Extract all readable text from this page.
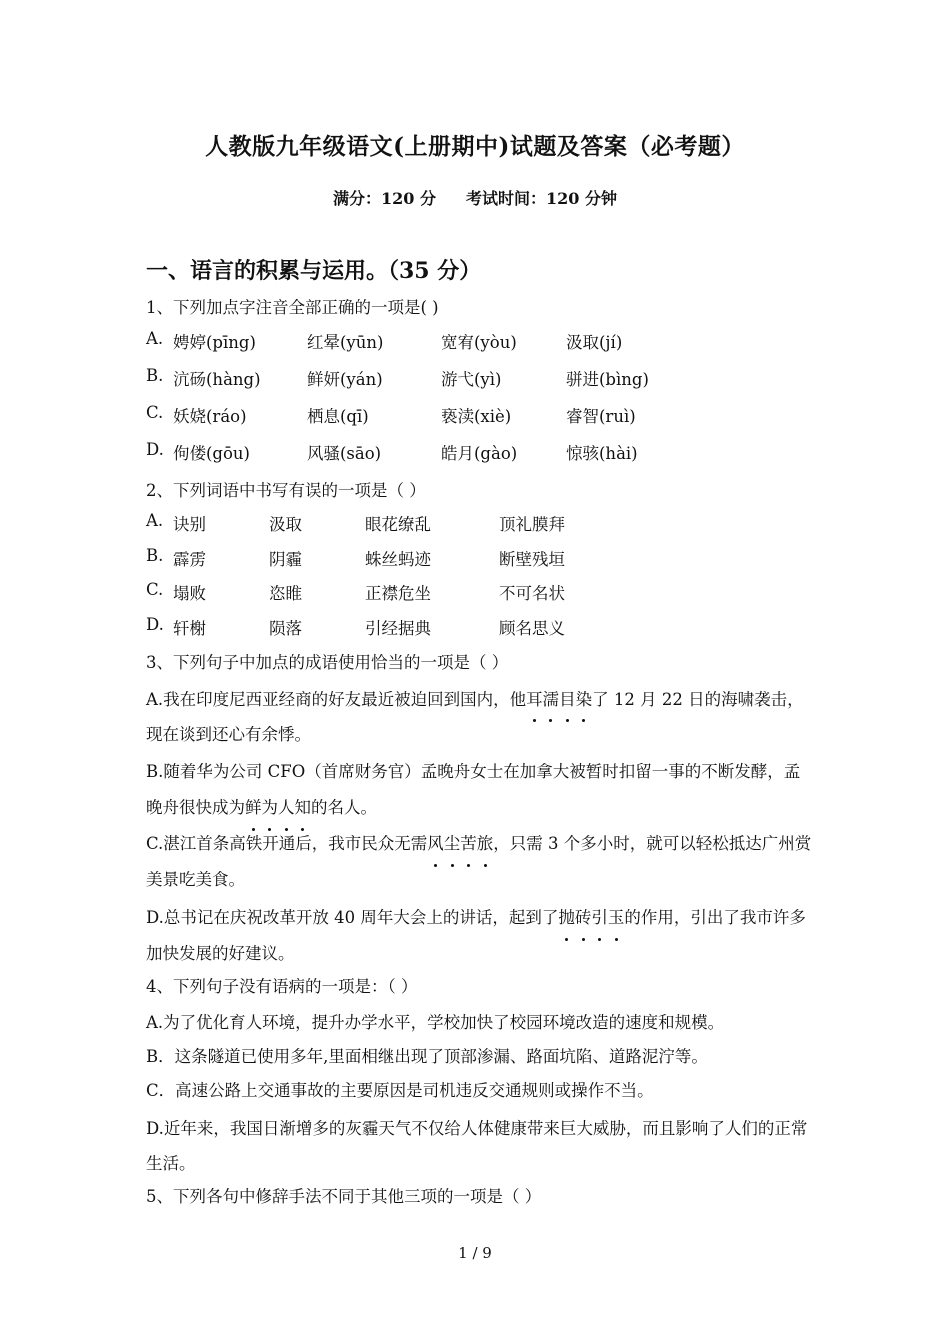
人教版九年级语文(上册期中)试题及答案（必考题）
满分：120 分 考试时间：120 分钟
一、语言的积累与运用。（35 分）
1、下列加点字注音全部正确的一项是( )
A. 娉婷(pīng)	红晕(yūn)	宽宥(yòu)	汲取(jí)
B. 沆砀(hàng)	鲜妍(yán)	游弋(yì)	骈进(bìng)
C. 妖娆(ráo)	栖息(qī)	亵渎(xiè)	睿智(ruì)
D. 佝偻(gōu)	风骚(sāo)	皓月(gào)	惊骇(hài)
2、下列词语中书写有误的一项是（ ）
A. 诀别	汲取	眼花缭乱	顶礼膜拜
B. 霹雳	阴霾	蛛丝蚂迹	断壁残垣
C. 塌败	恣睢	正襟危坐	不可名状
D. 轩榭	陨落	引经据典	顾名思义
3、下列句子中加点的成语使用恰当的一项是（ ）
A.我在印度尼西亚经商的好友最近被迫回到国内，他耳濡目染了 12 月 22 日的海啸袭击，现在谈到还心有余悸。
B.随着华为公司 CFO（首席财务官）孟晚舟女士在加拿大被暂时扣留一事的不断发酵，孟晚舟很快成为鲜为人知的名人。
C.湛江首条高铁开通后，我市民众无需风尘苦旅，只需 3 个多小时，就可以轻松抵达广州赏美景吃美食。
D.总书记在庆祝改革开放 40 周年大会上的讲话，起到了抛砖引玉的作用，引出了我市许多加快发展的好建议。
4、下列句子没有语病的一项是：（ ）
A.为了优化育人环境，提升办学水平，学校加快了校园环境改造的速度和规模。
B．这条隧道已使用多年,里面相继出现了顶部渗漏、路面坑陷、道路泥泞等。
C．高速公路上交通事故的主要原因是司机违反交通规则或操作不当。
D.近年来，我国日渐增多的灰霾天气不仅给人体健康带来巨大威胁，而且影响了人们的正常生活。
5、下列各句中修辞手法不同于其他三项的一项是（ ）
1 / 9
